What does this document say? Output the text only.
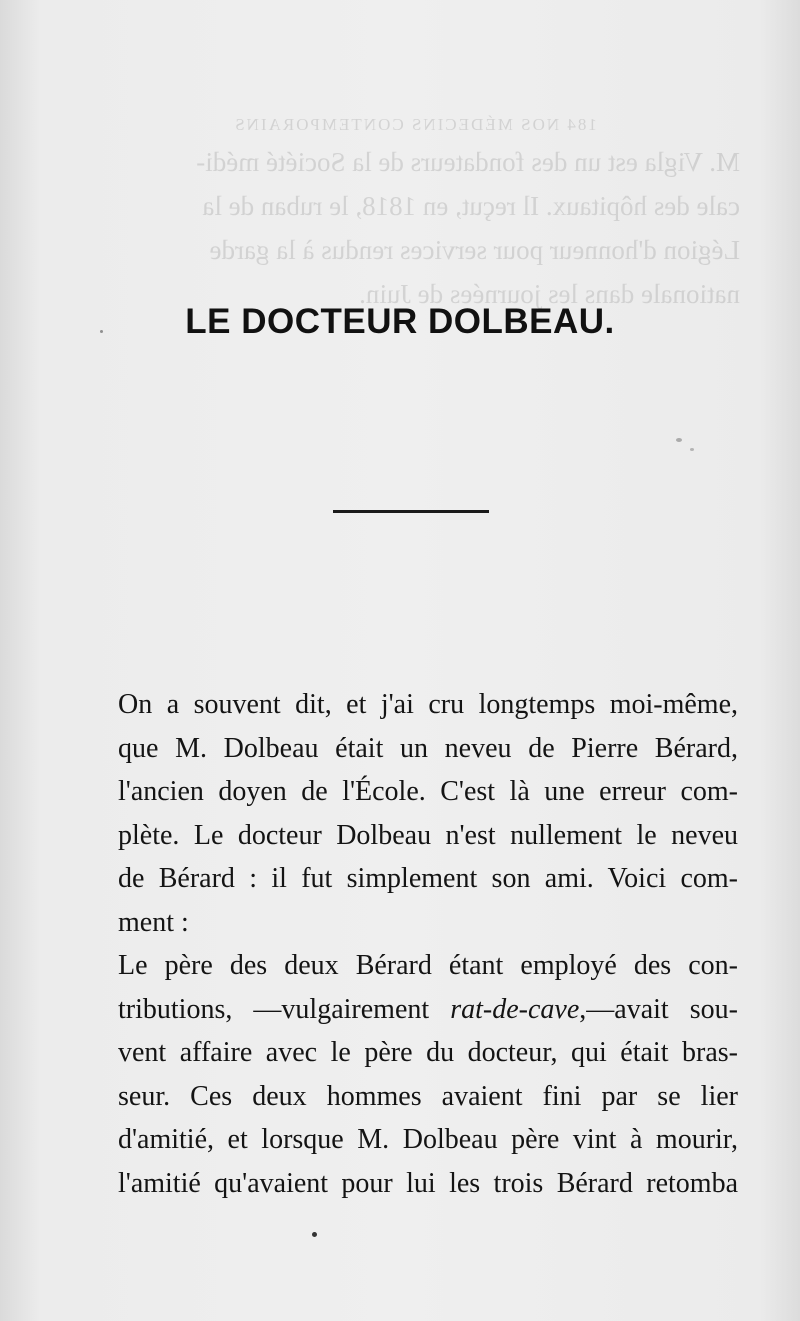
184 NOS MÉDECINS CONTEMPORAINS

M. Vigla est un des fondateurs de la Société médi-

cale des hôpitaux. Il reçut, en 1818, le ruban de la

Légion d'honneur pour services rendus à la garde

nationale dans les journées de Juin.

LE DOCTEUR DOLBEAU.

On a souvent dit, et j'ai cru longtemps moi-même,
que M. Dolbeau était un neveu de Pierre Bérard,
l'ancien doyen de l'École. C'est là une erreur com-
plète. Le docteur Dolbeau n'est nullement le neveu
de Bérard : il fut simplement son ami. Voici com-
ment :

Le père des deux Bérard étant employé des con-
tributions, —vulgairement rat-de-cave,—avait sou-
vent affaire avec le père du docteur, qui était bras-
seur. Ces deux hommes avaient fini par se lier
d'amitié, et lorsque M. Dolbeau père vint à mourir,
l'amitié qu'avaient pour lui les trois Bérard retomba
